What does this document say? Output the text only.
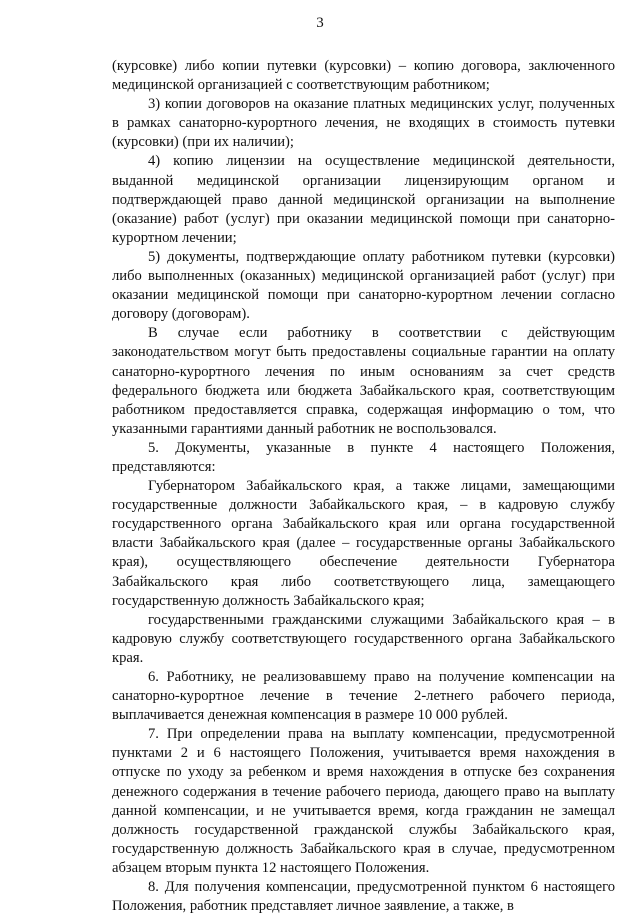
3

(курсовке) либо копии путевки (курсовки) – копию договора, заключенного медицинской организацией с соответствующим работником;

3) копии договоров на оказание платных медицинских услуг, полученных в рамках санаторно-курортного лечения, не входящих в стоимость путевки (курсовки) (при их наличии);

4) копию лицензии на осуществление медицинской деятельности, выданной медицинской организации лицензирующим органом и подтверждающей право данной медицинской организации на выполнение (оказание) работ (услуг) при оказании медицинской помощи при санаторно-курортном лечении;

5) документы, подтверждающие оплату работником путевки (курсовки) либо выполненных (оказанных) медицинской организацией работ (услуг) при оказании медицинской помощи при санаторно-курортном лечении согласно договору (договорам).

В случае если работнику в соответствии с действующим законодательством могут быть предоставлены социальные гарантии на оплату санаторно-курортного лечения по иным основаниям за счет средств федерального бюджета или бюджета Забайкальского края, соответствующим работником предоставляется справка, содержащая информацию о том, что указанными гарантиями данный работник не воспользовался.

5. Документы, указанные в пункте 4 настоящего Положения, представляются:

Губернатором Забайкальского края, а также лицами, замещающими государственные должности Забайкальского края, – в кадровую службу государственного органа Забайкальского края или органа государственной власти Забайкальского края (далее – государственные органы Забайкальского края), осуществляющего обеспечение деятельности Губернатора Забайкальского края либо соответствующего лица, замещающего государственную должность Забайкальского края;

государственными гражданскими служащими Забайкальского края – в кадровую службу соответствующего государственного органа Забайкальского края.

6. Работнику, не реализовавшему право на получение компенсации на санаторно-курортное лечение в течение 2-летнего рабочего периода, выплачивается денежная компенсация в размере 10 000 рублей.

7. При определении права на выплату компенсации, предусмотренной пунктами 2 и 6 настоящего Положения, учитывается время нахождения в отпуске по уходу за ребенком и время нахождения в отпуске без сохранения денежного содержания в течение рабочего периода, дающего право на выплату данной компенсации, и не учитывается время, когда гражданин не замещал должность государственной гражданской службы Забайкальского края, государственную должность Забайкальского края в случае, предусмотренном абзацем вторым пункта 12 настоящего Положения.

8. Для получения компенсации, предусмотренной пунктом 6 настоящего Положения, работник представляет личное заявление, а также, в
